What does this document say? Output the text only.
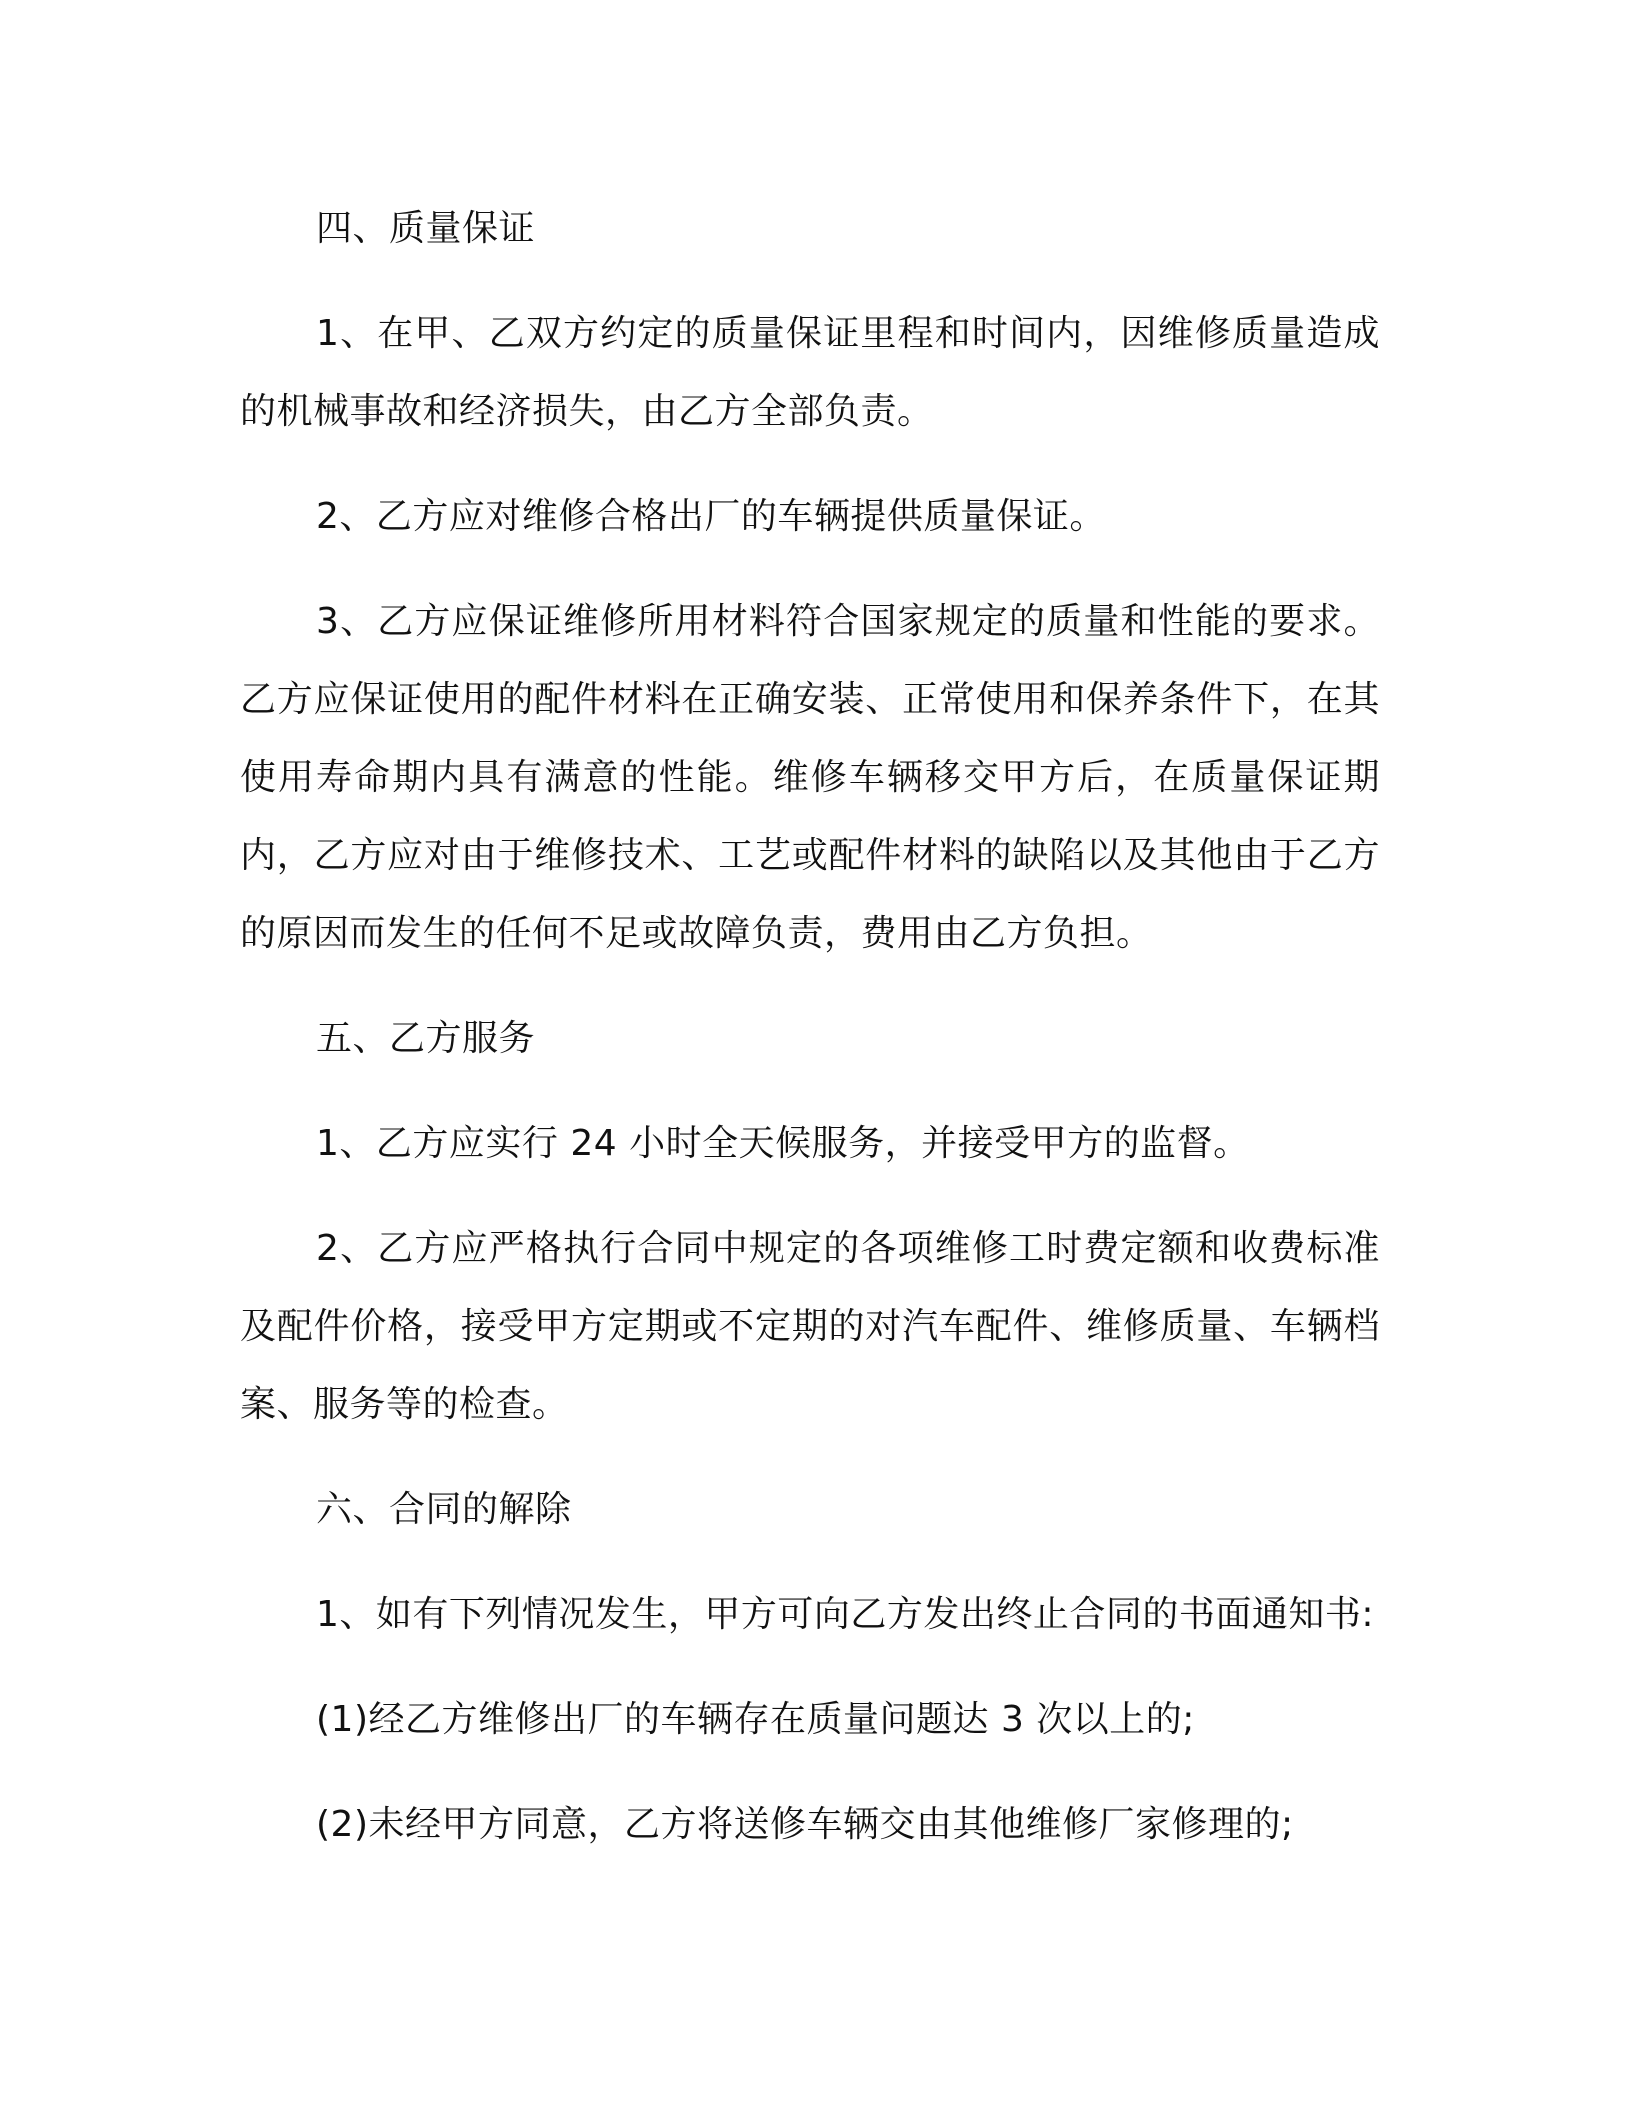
四、质量保证

1、在甲、乙双方约定的质量保证里程和时间内，因维修质量造成的机械事故和经济损失，由乙方全部负责。

2、乙方应对维修合格出厂的车辆提供质量保证。

3、乙方应保证维修所用材料符合国家规定的质量和性能的要求。乙方应保证使用的配件材料在正确安装、正常使用和保养条件下，在其使用寿命期内具有满意的性能。维修车辆移交甲方后，在质量保证期内，乙方应对由于维修技术、工艺或配件材料的缺陷以及其他由于乙方的原因而发生的任何不足或故障负责，费用由乙方负担。

五、乙方服务

1、乙方应实行 24 小时全天候服务，并接受甲方的监督。

2、乙方应严格执行合同中规定的各项维修工时费定额和收费标准及配件价格，接受甲方定期或不定期的对汽车配件、维修质量、车辆档案、服务等的检查。

六、合同的解除

1、如有下列情况发生，甲方可向乙方发出终止合同的书面通知书:

(1)经乙方维修出厂的车辆存在质量问题达 3 次以上的;

(2)未经甲方同意，乙方将送修车辆交由其他维修厂家修理的;
